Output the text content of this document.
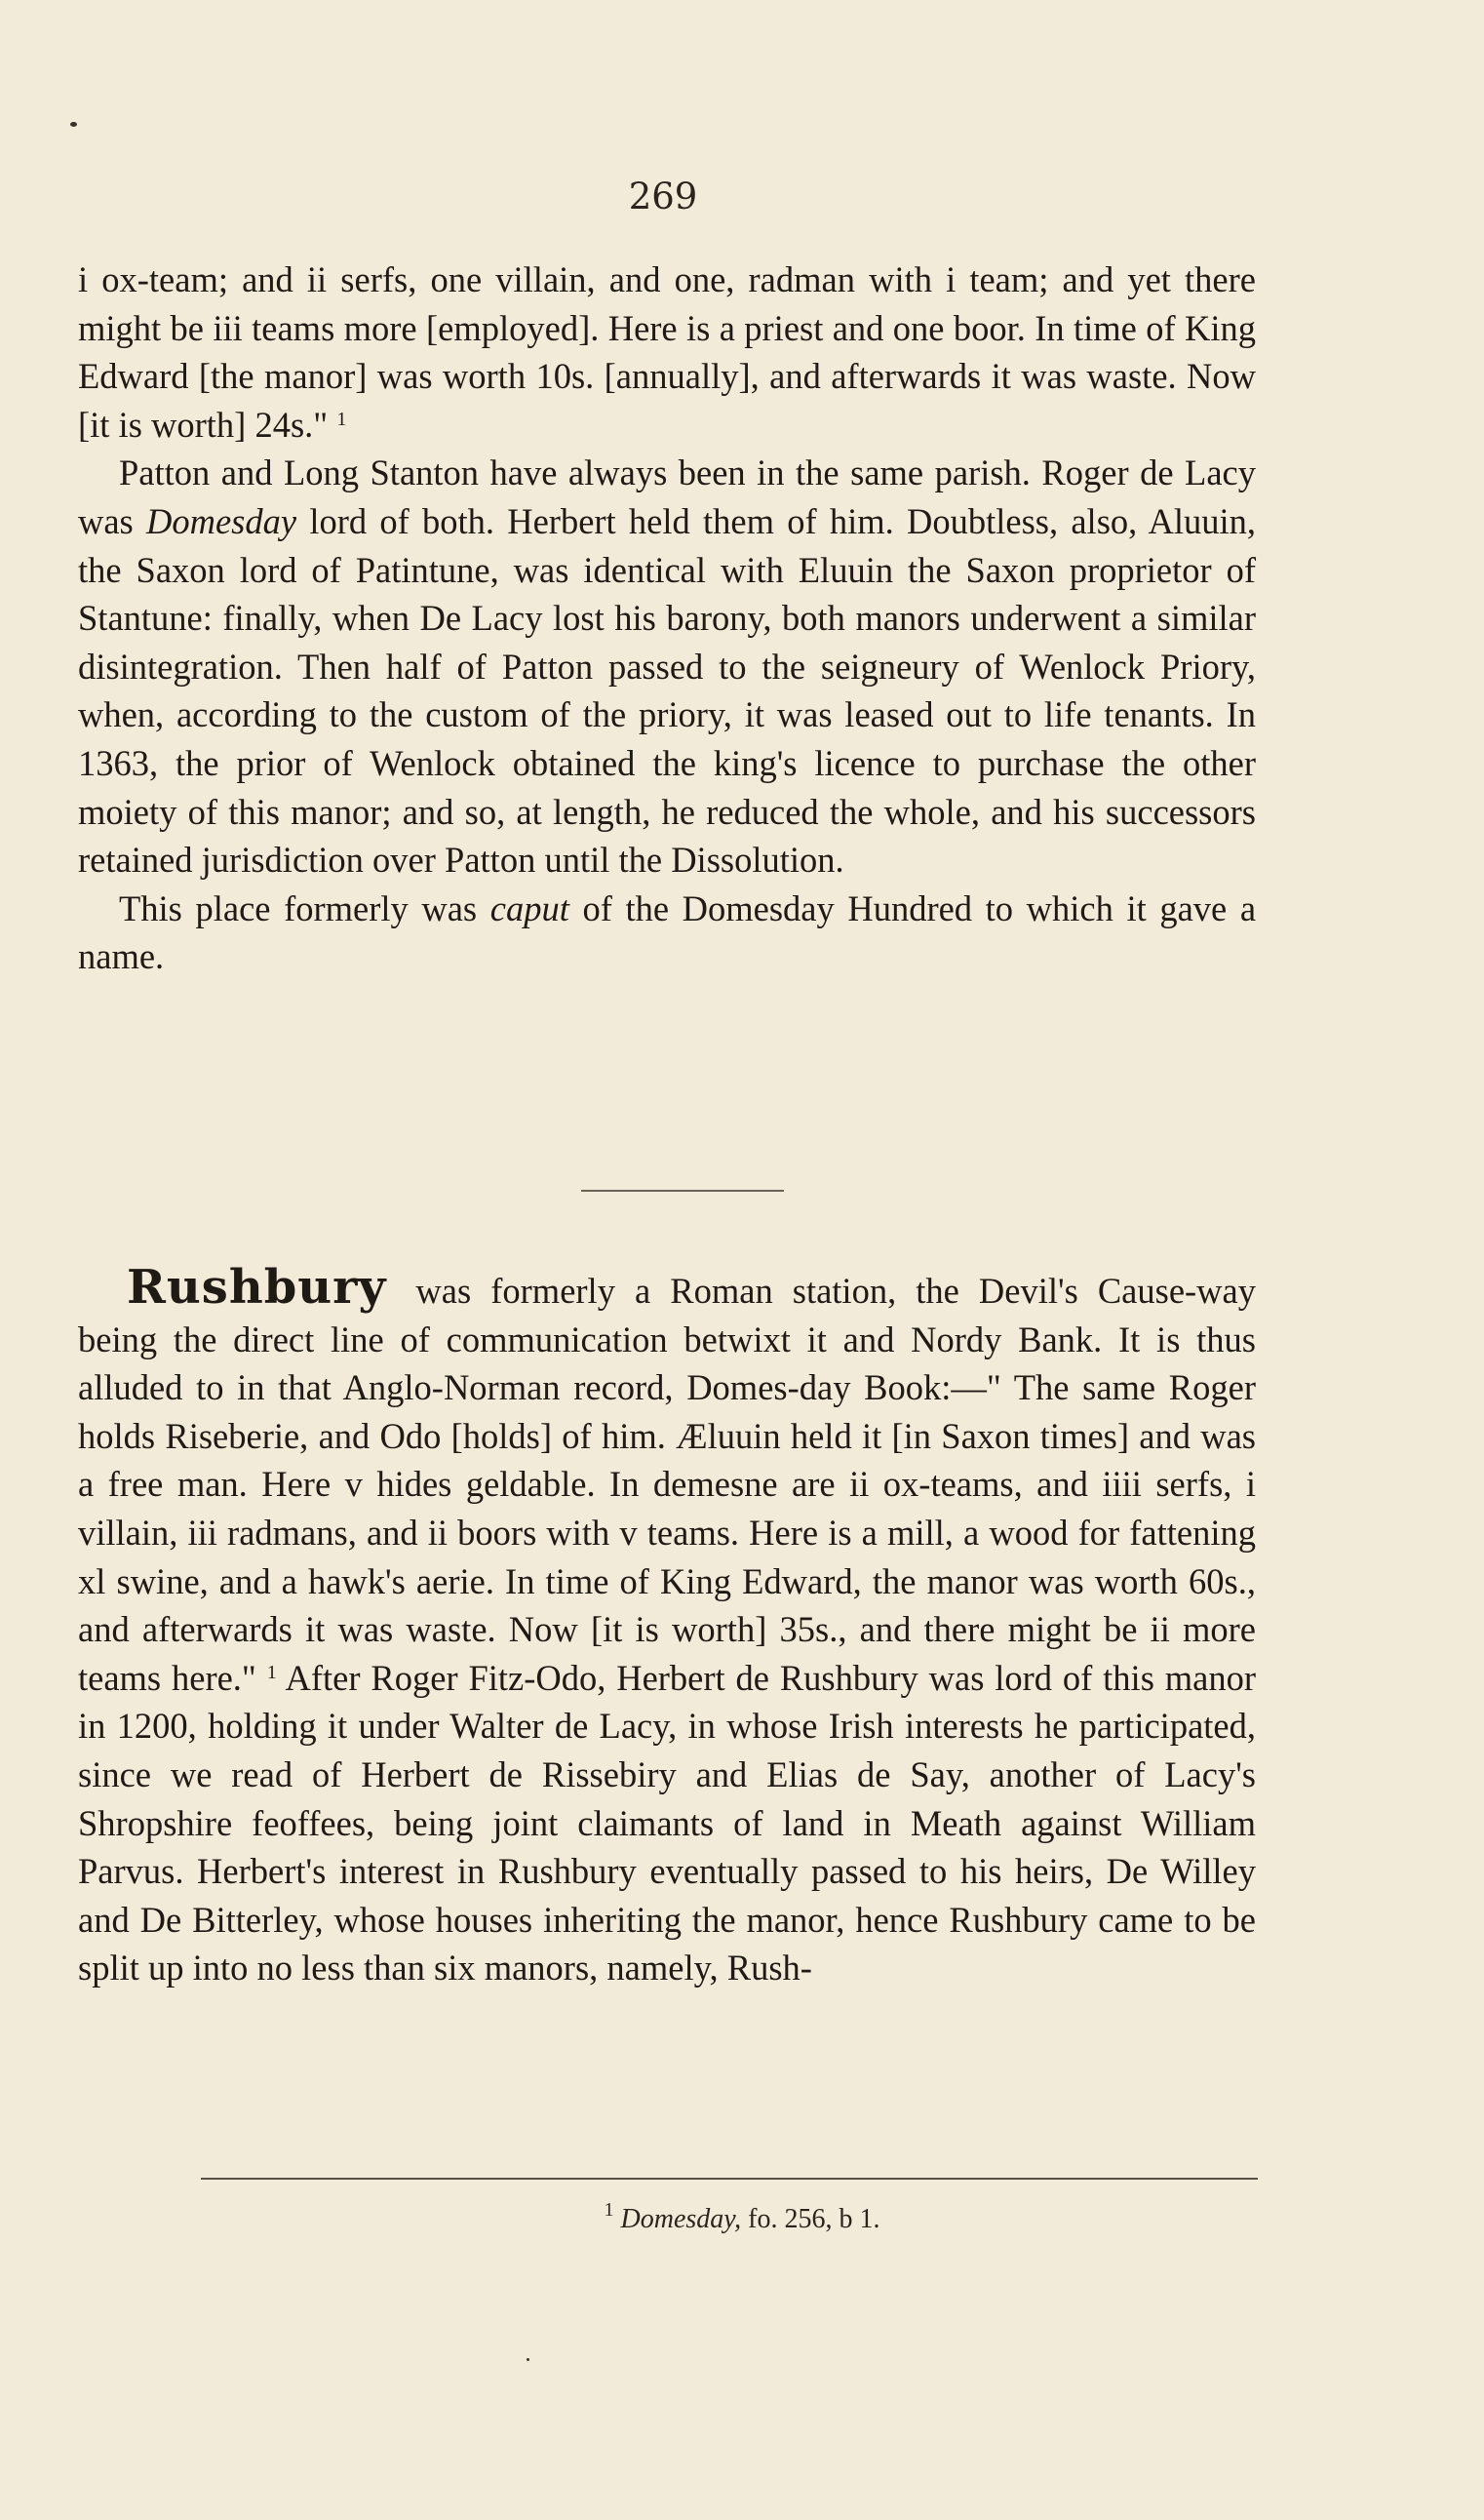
269

i ox-team; and ii serfs, one villain, and one, radman with i team; and yet there might be iii teams more [employed]. Here is a priest and one boor. In time of King Edward [the manor] was worth 10s. [annually], and afterwards it was waste. Now [it is worth] 24s." $^1$

Patton and Long Stanton have always been in the same parish. Roger de Lacy was Domesday lord of both. Herbert held them of him. Doubtless, also, Aluuin, the Saxon lord of Patintune, was identical with Eluuin the Saxon proprietor of Stantune: finally, when De Lacy lost his barony, both manors underwent a similar disintegration. Then half of Patton passed to the seigneury of Wenlock Priory, when, according to the custom of the priory, it was leased out to life tenants. In 1363, the prior of Wenlock obtained the king's licence to purchase the other moiety of this manor; and so, at length, he reduced the whole, and his successors retained jurisdiction over Patton until the Dissolution.

This place formerly was caput of the Domesday Hundred to which it gave a name.

Rushbury was formerly a Roman station, the Devil's Cause-way being the direct line of communication betwixt it and Nordy Bank. It is thus alluded to in that Anglo-Norman record, Domes-day Book:—" The same Roger holds Riseberie, and Odo [holds] of him. Æluuin held it [in Saxon times] and was a free man. Here v hides geldable. In demesne are ii ox-teams, and iiii serfs, i villain, iii radmans, and ii boors with v teams. Here is a mill, a wood for fattening xl swine, and a hawk's aerie. In time of King Edward, the manor was worth 60s., and afterwards it was waste. Now [it is worth] 35s., and there might be ii more teams here." $^1$ After Roger Fitz-Odo, Herbert de Rushbury was lord of this manor in 1200, holding it under Walter de Lacy, in whose Irish interests he participated, since we read of Herbert de Rissebiry and Elias de Say, another of Lacy's Shropshire feoffees, being joint claimants of land in Meath against William Parvus. Herbert's interest in Rushbury eventually passed to his heirs, De Willey and De Bitterley, whose houses inheriting the manor, hence Rushbury came to be split up into no less than six manors, namely, Rush-

$^1$ Domesday, fo. 256, b 1.
